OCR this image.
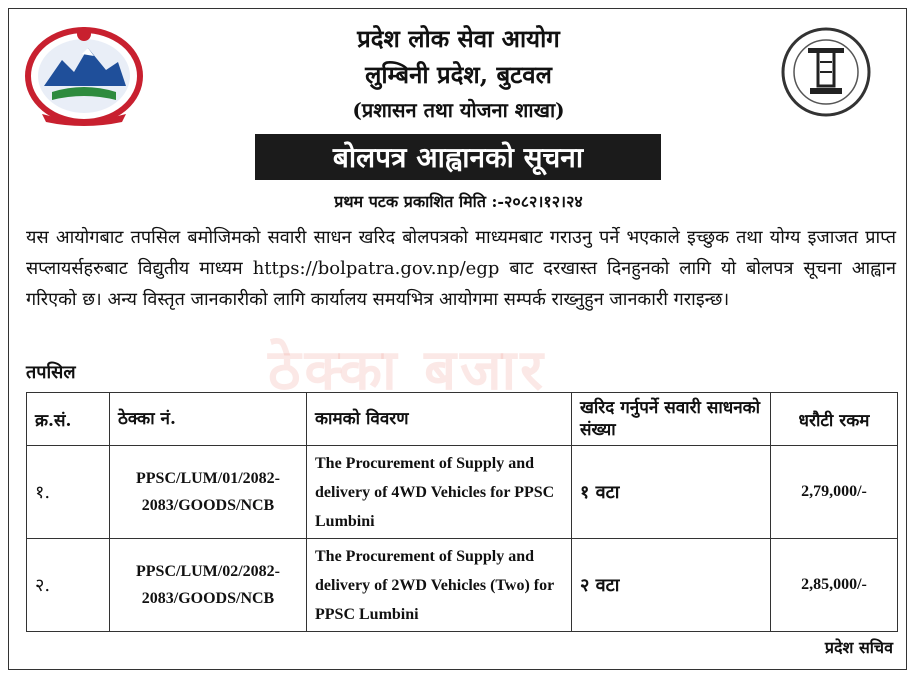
प्रदेश लोक सेवा आयोग
लुम्बिनी प्रदेश, बुटवल
(प्रशासन तथा योजना शाखा)
बोलपत्र आह्वानको सूचना
प्रथम पटक प्रकाशित मिति :-२०८२।१२।२४
यस आयोगबाट तपसिल बमोजिमको सवारी साधन खरिद बोलपत्रको माध्यमबाट गराउनु पर्ने भएकाले इच्छुक तथा योग्य इजाजत प्राप्त सप्लायर्सहरुबाट विद्युतीय माध्यम https://bolpatra.gov.np/egp बाट दरखास्त दिनहुनको लागि यो बोलपत्र सूचना आह्वान गरिएको छ। अन्य विस्तृत जानकारीको लागि कार्यालय समयभित्र आयोगमा सम्पर्क राख्नुहुन जानकारी गराइन्छ।
ठेक्का बजार
तपसिल
क्र.सं.	ठेक्का नं.	कामको विवरण	खरिद गर्नुपर्ने सवारी साधनको संख्या	धरौटी रकम
१.	PPSC/LUM/01/2082-2083/GOODS/NCB	The Procurement of Supply and delivery of 4WD Vehicles for PPSC Lumbini	१ वटा	2,79,000/-
२.	PPSC/LUM/02/2082-2083/GOODS/NCB	The Procurement of Supply and delivery of 2WD Vehicles (Two) for PPSC Lumbini	२ वटा	2,85,000/-
प्रदेश सचिव
